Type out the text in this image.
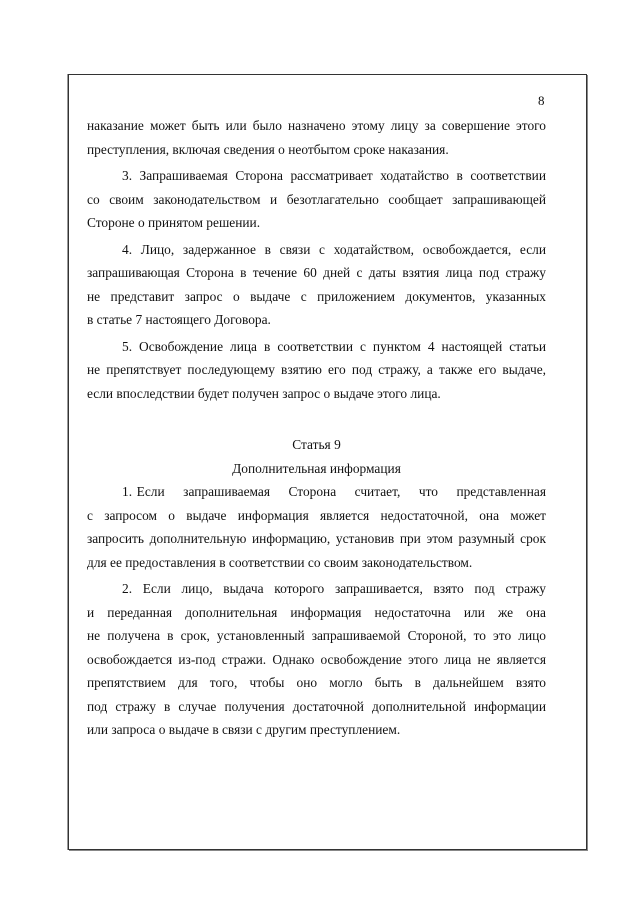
8

наказание может быть или было назначено этому лицу за совершение этого
преступления, включая сведения о неотбытом сроке наказания.

3. Запрашиваемая Сторона рассматривает ходатайство в соответствии
со своим законодательством и безотлагательно сообщает запрашивающей
Стороне о принятом решении.

4. Лицо, задержанное в связи с ходатайством, освобождается, если
запрашивающая Сторона в течение 60 дней с даты взятия лица под стражу
не представит запрос о выдаче с приложением документов, указанных
в статье 7 настоящего Договора.

5. Освобождение лица в соответствии с пунктом 4 настоящей статьи
не препятствует последующему взятию его под стражу, а также его выдаче,
если впоследствии будет получен запрос о выдаче этого лица.

Статья 9
Дополнительная информация

1. Если    запрашиваемая    Сторона    считает,    что    представленная
с запросом о выдаче информация является недостаточной, она может
запросить дополнительную информацию, установив при этом разумный срок
для ее предоставления в соответствии со своим законодательством.

2. Если лицо, выдача которого запрашивается, взято под стражу
и переданная дополнительная информация недостаточна или же она
не получена в срок, установленный запрашиваемой Стороной, то это лицо
освобождается из-под стражи. Однако освобождение этого лица не является
препятствием для того, чтобы оно могло быть в дальнейшем взято
под стражу в случае получения достаточной дополнительной информации
или запроса о выдаче в связи с другим преступлением.
